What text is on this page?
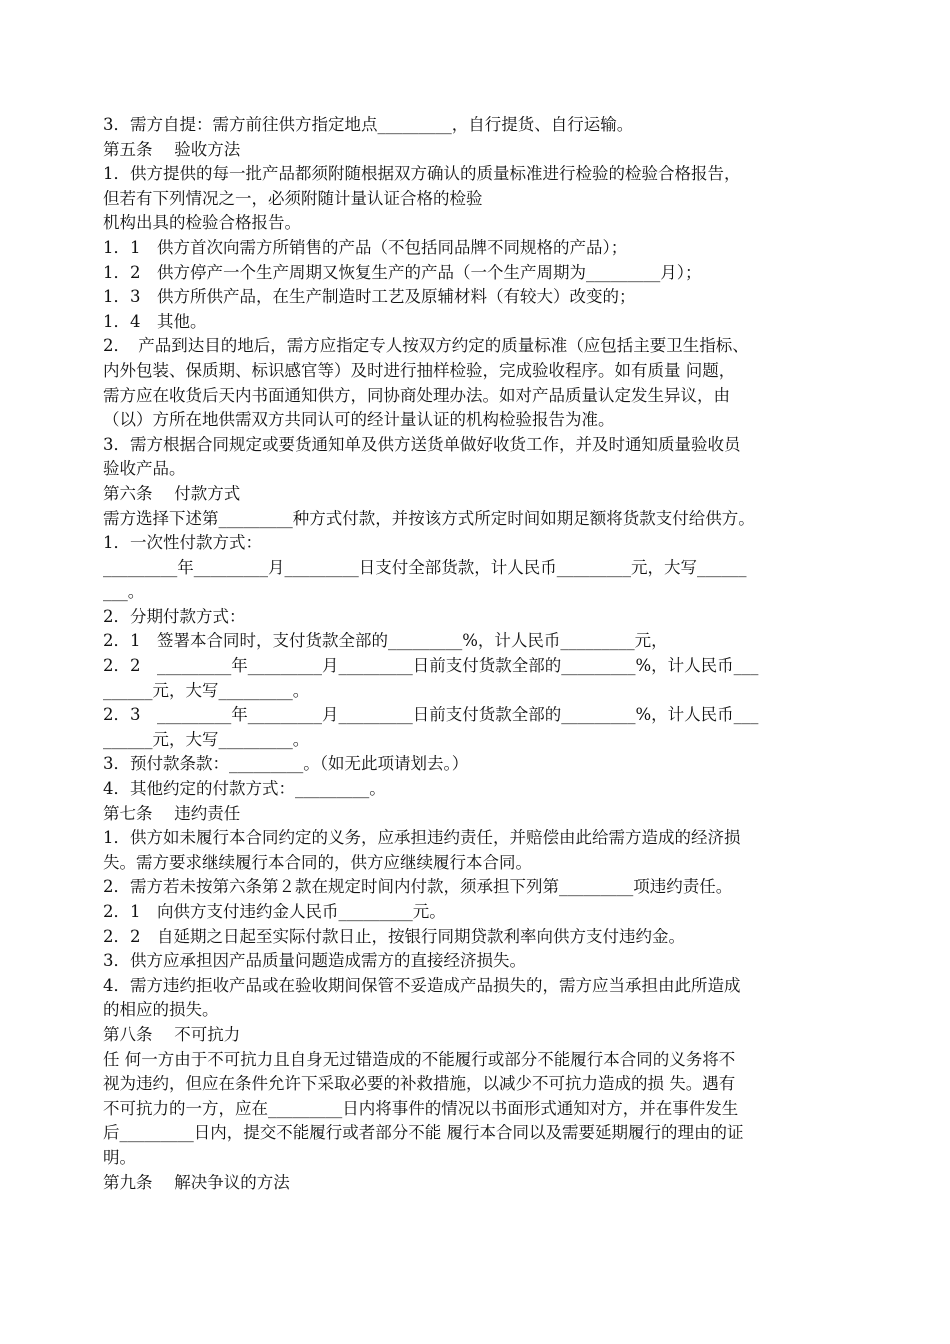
3．需方自提：需方前往供方指定地点_________，自行提货、自行运输。
第五条　 验收方法
1．供方提供的每一批产品都须附随根据双方确认的质量标准进行检验的检验合格报告，
但若有下列情况之一，必须附随计量认证合格的检验
机构出具的检验合格报告。
1．1　供方首次向需方所销售的产品（不包括同品牌不同规格的产品）；
1．2　供方停产一个生产周期又恢复生产的产品（一个生产周期为_________月）；
1．3　供方所供产品，在生产制造时工艺及原辅材料（有较大）改变的；
1．4　其他。
2．　产品到达目的地后，需方应指定专人按双方约定的质量标准（应包括主要卫生指标、
内外包装、保质期、标识感官等）及时进行抽样检验，完成验收程序。如有质量 问题，
需方应在收货后天内书面通知供方，同协商处理办法。如对产品质量认定发生异议，由
（以）方所在地供需双方共同认可的经计量认证的机构检验报告为准。
3．需方根据合同规定或要货通知单及供方送货单做好收货工作，并及时通知质量验收员
验收产品。
第六条　 付款方式
需方选择下述第_________种方式付款，并按该方式所定时间如期足额将货款支付给供方。
1．一次性付款方式：
_________年_________月_________日支付全部货款，计人民币_________元，大写______
___。
2．分期付款方式：
2．1　签署本合同时，支付货款全部的_________%，计人民币_________元，
2．2　_________年_________月_________日前支付货款全部的_________%，计人民币___
______元，大写_________。
2．3　_________年_________月_________日前支付货款全部的_________%，计人民币___
______元，大写_________。
3．预付款条款：_________。（如无此项请划去。）
4．其他约定的付款方式：_________。
第七条　 违约责任
1．供方如未履行本合同约定的义务，应承担违约责任，并赔偿由此给需方造成的经济损
失。需方要求继续履行本合同的，供方应继续履行本合同。
2．需方若未按第六条第２款在规定时间内付款，须承担下列第_________项违约责任。
2．1　向供方支付违约金人民币_________元。
2．2　自延期之日起至实际付款日止，按银行同期贷款利率向供方支付违约金。
3．供方应承担因产品质量问题造成需方的直接经济损失。
4．需方违约拒收产品或在验收期间保管不妥造成产品损失的，需方应当承担由此所造成
的相应的损失。
第八条　 不可抗力
任 何一方由于不可抗力且自身无过错造成的不能履行或部分不能履行本合同的义务将不
视为违约，但应在条件允许下采取必要的补救措施，以减少不可抗力造成的损 失。遇有
不可抗力的一方，应在_________日内将事件的情况以书面形式通知对方，并在事件发生
后_________日内，提交不能履行或者部分不能 履行本合同以及需要延期履行的理由的证
明。
第九条　 解决争议的方法
